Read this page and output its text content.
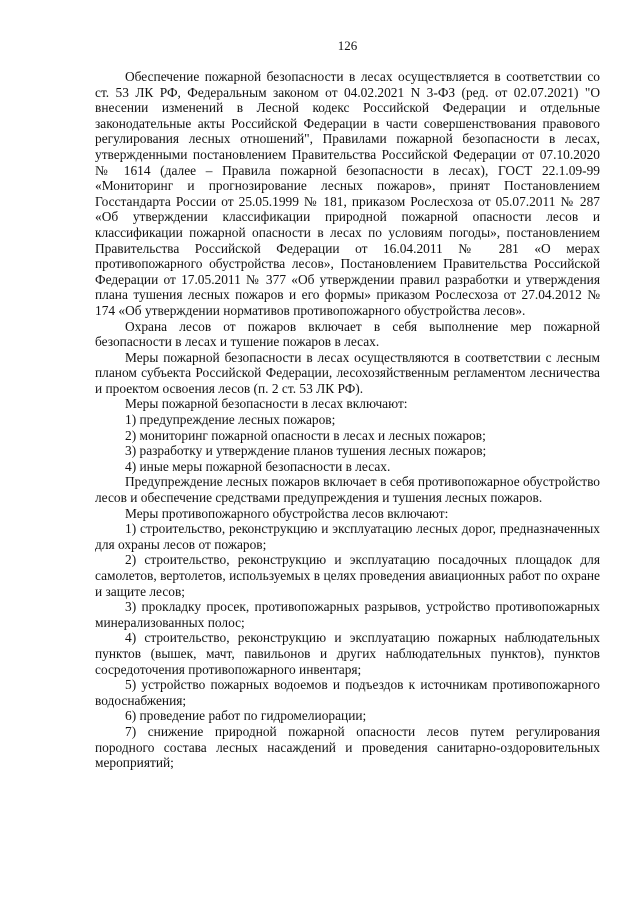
126

Обеспечение пожарной безопасности в лесах осуществляется в соответствии со ст. 53 ЛК РФ, Федеральным законом от 04.02.2021 N 3-ФЗ (ред. от 02.07.2021) "О внесении изменений в Лесной кодекс Российской Федерации и отдельные законодательные акты Российской Федерации в части совершенствования правового регулирования лесных отношений", Правилами пожарной безопасности в лесах, утвержденными постановлением Правительства Российской Федерации от 07.10.2020 № 1614 (далее – Правила пожарной безопасности в лесах), ГОСТ 22.1.09-99 «Мониторинг и прогнозирование лесных пожаров», принят Постановлением Госстандарта России от 25.05.1999 № 181, приказом Рослесхоза от 05.07.2011 № 287 «Об утверждении классификации природной пожарной опасности лесов и классификации пожарной опасности в лесах по условиям погоды», постановлением Правительства Российской Федерации от 16.04.2011 № 281 «О мерах противопожарного обустройства лесов», Постановлением Правительства Российской Федерации от 17.05.2011 № 377 «Об утверждении правил разработки и утверждения плана тушения лесных пожаров и его формы» приказом Рослесхоза от 27.04.2012 № 174 «Об утверждении нормативов противопожарного обустройства лесов».

Охрана лесов от пожаров включает в себя выполнение мер пожарной безопасности в лесах и тушение пожаров в лесах.

Меры пожарной безопасности в лесах осуществляются в соответствии с лесным планом субъекта Российской Федерации, лесохозяйственным регламентом лесничества и проектом освоения лесов (п. 2 ст. 53 ЛК РФ).

Меры пожарной безопасности в лесах включают:

1) предупреждение лесных пожаров;

2) мониторинг пожарной опасности в лесах и лесных пожаров;

3) разработку и утверждение планов тушения лесных пожаров;

4) иные меры пожарной безопасности в лесах.

Предупреждение лесных пожаров включает в себя противопожарное обустройство лесов и обеспечение средствами предупреждения и тушения лесных пожаров.

Меры противопожарного обустройства лесов включают:

1) строительство, реконструкцию и эксплуатацию лесных дорог, предназначенных для охраны лесов от пожаров;

2) строительство, реконструкцию и эксплуатацию посадочных площадок для самолетов, вертолетов, используемых в целях проведения авиационных работ по охране и защите лесов;

3) прокладку просек, противопожарных разрывов, устройство противопожарных минерализованных полос;

4) строительство, реконструкцию и эксплуатацию пожарных наблюдательных пунктов (вышек, мачт, павильонов и других наблюдательных пунктов), пунктов сосредоточения противопожарного инвентаря;

5) устройство пожарных водоемов и подъездов к источникам противопожарного водоснабжения;

6) проведение работ по гидромелиорации;

7) снижение природной пожарной опасности лесов путем регулирования породного состава лесных насаждений и проведения санитарно-оздоровительных мероприятий;
